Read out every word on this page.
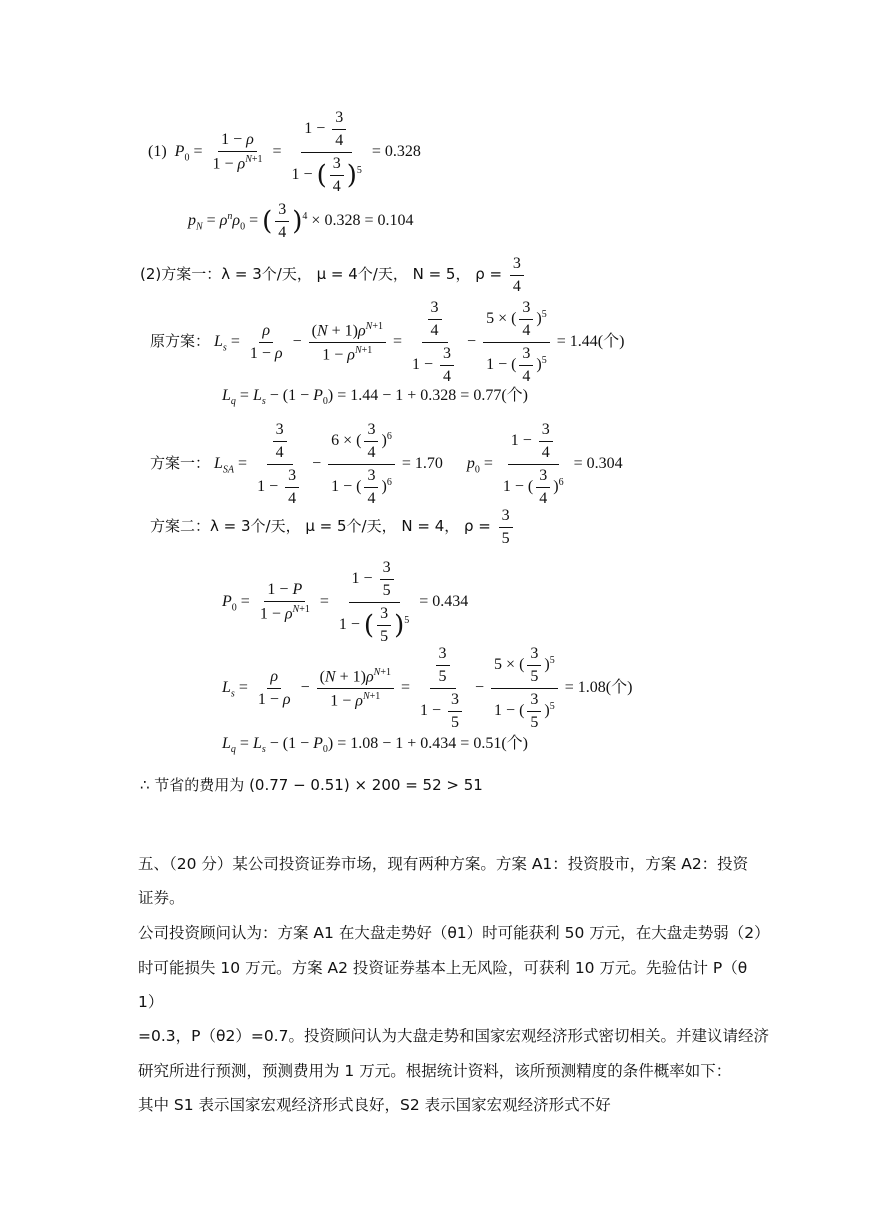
(1) $P_0 = \frac{1 - \rho}{1 - \rho^{N+1}} = \frac{1 - \frac{3}{4}}{1 - ( \frac{3}{4} )^5} = 0.328$
$p_N = \rho^n\rho_0$ = ( $\frac{3}{4} )^4 \times 0.328 = 0.104$
(2)方案一：λ = 3个/天， μ = 4个/天， N = 5， $\rho = \frac{3}{4}$
原方案： $L_s = \frac{\rho}{1 - \rho} - \frac{(N + 1)\rho^{N+1}}{1 - \rho^{N+1}} = \frac{\frac{3}{4}}{1 - \frac{3}{4}} - \frac{5 \times ( \frac{3}{4} )^5}{1 - ( \frac{3}{4} )^5} = 1.44$(个)
$L_q = L_s - (1 - P_0) = 1.44 - 1 + 0.328 = 0.77$(个)
方案一： $L_{SA} = \frac{\frac{3}{4}}{1 - \frac{3}{4}} - \frac{6 \times ( \frac{3}{4} )^6}{1 - ( \frac{3}{4} )^6} = 1.70$ $p_0 = \frac{1 - \frac{3}{4}}{1 - ( \frac{3}{4} )^6} = 0.304$
方案二：λ = 3个/天， μ = 5个/天， N = 4， $\rho = \frac{3}{5}$
$P_0 = \frac{1 - P}{1 - \rho^{N+1}} = \frac{1 - \frac{3}{5}}{1 - ( \frac{3}{5} )^5} = 0.434$
$L_s = \frac{\rho}{1 - \rho} - \frac{(N + 1)\rho^{N+1}}{1 - \rho^{N+1}} = \frac{\frac{3}{5}}{1 - \frac{3}{5}} - \frac{5 \times ( \frac{3}{5} )^5}{1 - ( \frac{3}{5} )^5} = 1.08$(个)
$L_q = L_s - (1 - P_0) = 1.08 - 1 + 0.434 = 0.51$(个)
∴ 节省的费用为 (0.77 − 0.51) × 200 = 52 > 51
五、（20 分）某公司投资证券市场，现有两种方案。方案 A1：投资股市，方案 A2：投资
证券。
公司投资顾问认为：方案 A1 在大盘走势好（θ1）时可能获利 50 万元，在大盘走势弱（2）
时可能损失 10 万元。方案 A2 投资证券基本上无风险，可获利 10 万元。先验估计 P（θ
1）
=0.3，P（θ2）=0.7。投资顾问认为大盘走势和国家宏观经济形式密切相关。并建议请经济
研究所进行预测，预测费用为 1 万元。根据统计资料，该所预测精度的条件概率如下：
其中 S1 表示国家宏观经济形式良好，S2 表示国家宏观经济形式不好
